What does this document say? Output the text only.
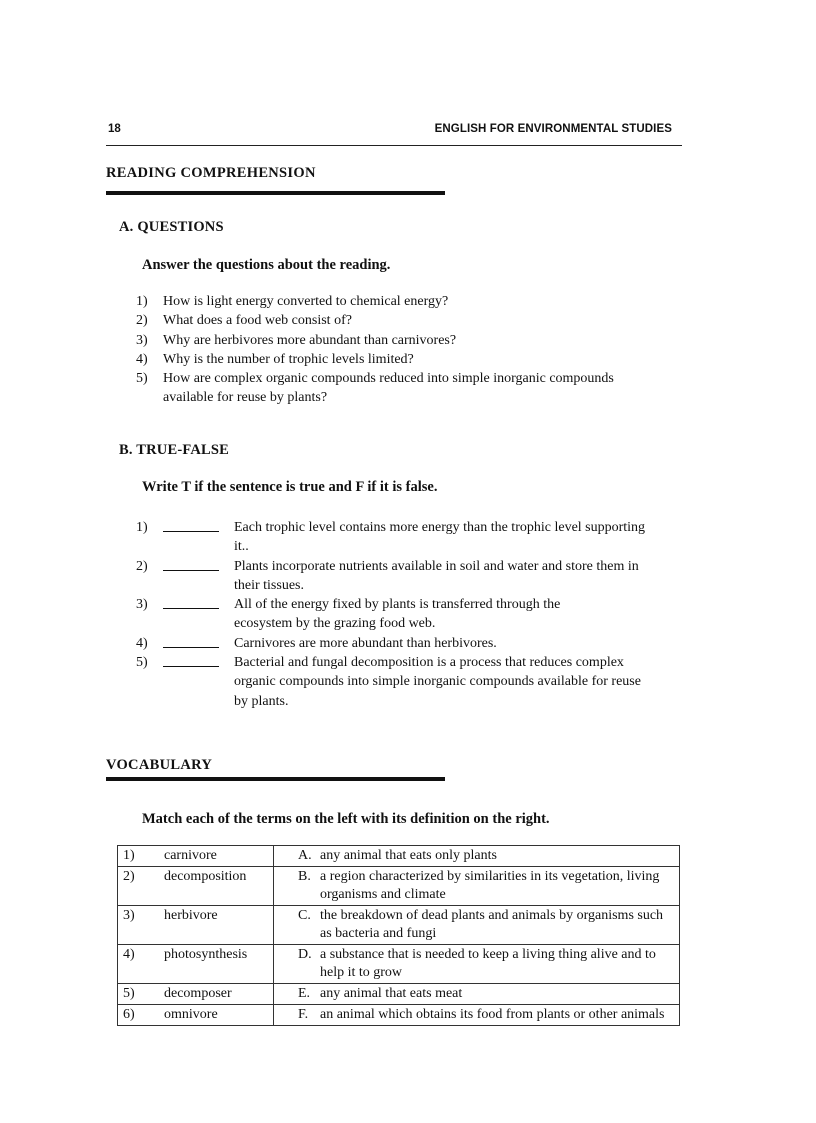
18	ENGLISH FOR ENVIRONMENTAL STUDIES
READING COMPREHENSION
A. QUESTIONS
Answer the questions about the reading.
1) How is light energy converted to chemical energy?
2) What does a food web consist of?
3) Why are herbivores more abundant than carnivores?
4) Why is the number of trophic levels limited?
5) How are complex organic compounds reduced into simple inorganic compounds available for reuse by plants?
B. TRUE-FALSE
Write T if the sentence is true and F if it is false.
1)	Each trophic level contains more energy than the trophic level supporting it..
2)	Plants incorporate nutrients available in soil and water and store them in their tissues.
3)	All of the energy fixed by plants is transferred through the ecosystem by the grazing food web.
4)	Carnivores are more abundant than herbivores.
5)	Bacterial and fungal decomposition is a process that reduces complex organic compounds into simple inorganic compounds available for reuse by plants.
VOCABULARY
Match each of the terms on the left with its definition on the right.
1) carnivore	A. any animal that eats only plants

2) decomposition	B. a region characterized by similarities in its vegetation, living organisms and climate

3) herbivore	C. the breakdown of dead plants and animals by organisms such as bacteria and fungi

4) photosynthesis	D. a substance that is needed to keep a living thing alive and to help it to grow

5) decomposer	E. any animal that eats meat

6) omnivore	F. an animal which obtains its food from plants or other animals
